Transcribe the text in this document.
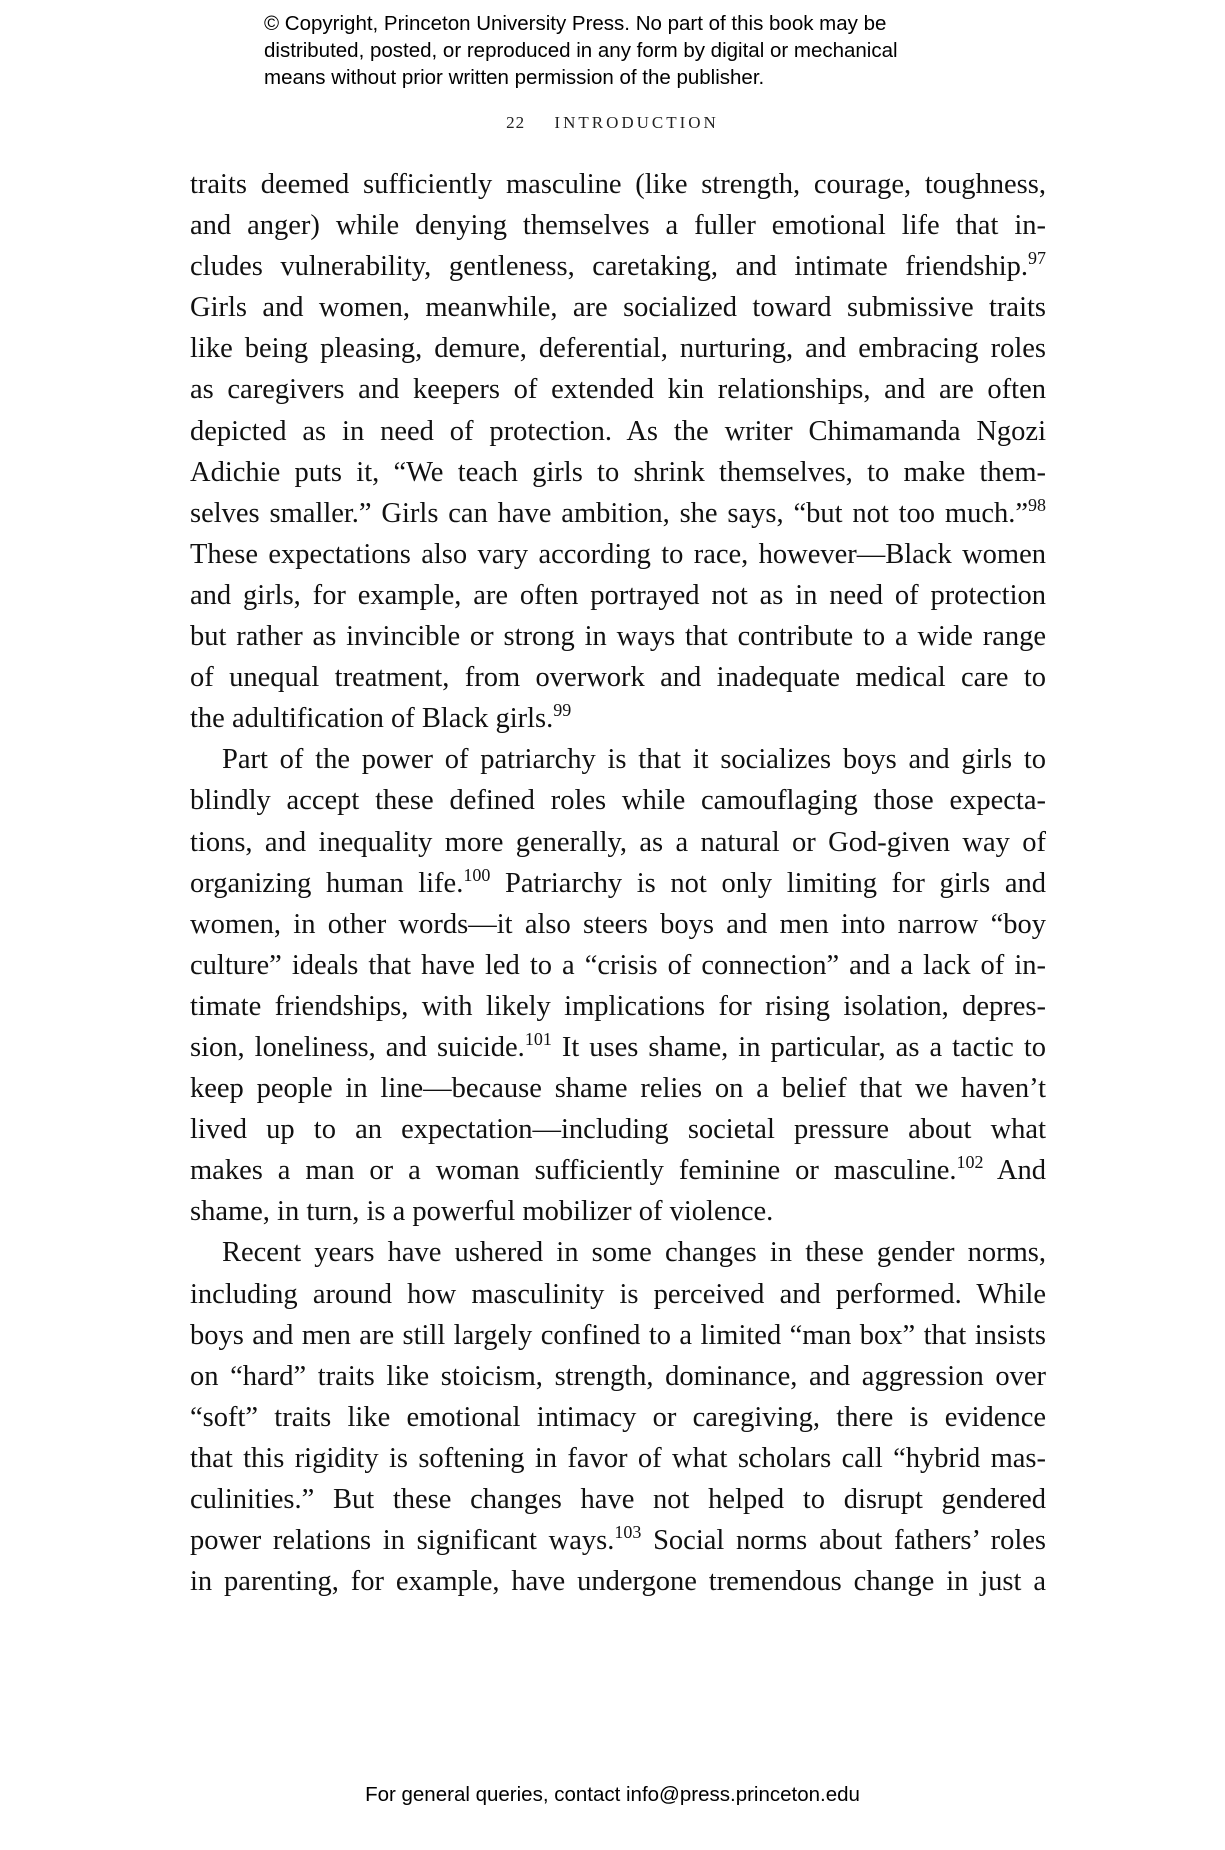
© Copyright, Princeton University Press. No part of this book may be
distributed, posted, or reproduced in any form by digital or mechanical
means without prior written permission of the publisher.
22 INTRODUCTION
traits deemed sufficiently masculine (like strength, courage, toughness,
and anger) while denying themselves a fuller emotional life that in-
cludes vulnerability, gentleness, caretaking, and intimate friendship.$^{97}$
Girls and women, meanwhile, are socialized toward submissive traits
like being pleasing, demure, deferential, nurturing, and embracing roles
as caregivers and keepers of extended kin relationships, and are often
depicted as in need of protection. As the writer Chimamanda Ngozi
Adichie puts it, “We teach girls to shrink themselves, to make them-
selves smaller.” Girls can have ambition, she says, “but not too much.”$^{98}$
These expectations also vary according to race, however—Black women
and girls, for example, are often portrayed not as in need of protection
but rather as invincible or strong in ways that contribute to a wide range
of unequal treatment, from overwork and inadequate medical care to
the adultification of Black girls.$^{99}$
Part of the power of patriarchy is that it socializes boys and girls to
blindly accept these defined roles while camouflaging those expecta-
tions, and inequality more generally, as a natural or God-given way of
organizing human life.$^{100}$ Patriarchy is not only limiting for girls and
women, in other words—it also steers boys and men into narrow “boy
culture” ideals that have led to a “crisis of connection” and a lack of in-
timate friendships, with likely implications for rising isolation, depres-
sion, loneliness, and suicide.$^{101}$ It uses shame, in particular, as a tactic to
keep people in line—because shame relies on a belief that we haven’t
lived up to an expectation—including societal pressure about what
makes a man or a woman sufficiently feminine or masculine.$^{102}$ And
shame, in turn, is a powerful mobilizer of violence.
Recent years have ushered in some changes in these gender norms,
including around how masculinity is perceived and performed. While
boys and men are still largely confined to a limited “man box” that insists
on “hard” traits like stoicism, strength, dominance, and aggression over
“soft” traits like emotional intimacy or caregiving, there is evidence
that this rigidity is softening in favor of what scholars call “hybrid mas-
culinities.” But these changes have not helped to disrupt gendered
power relations in significant ways.$^{103}$ Social norms about fathers’ roles
in parenting, for example, have undergone tremendous change in just a
For general queries, contact info@press.princeton.edu
